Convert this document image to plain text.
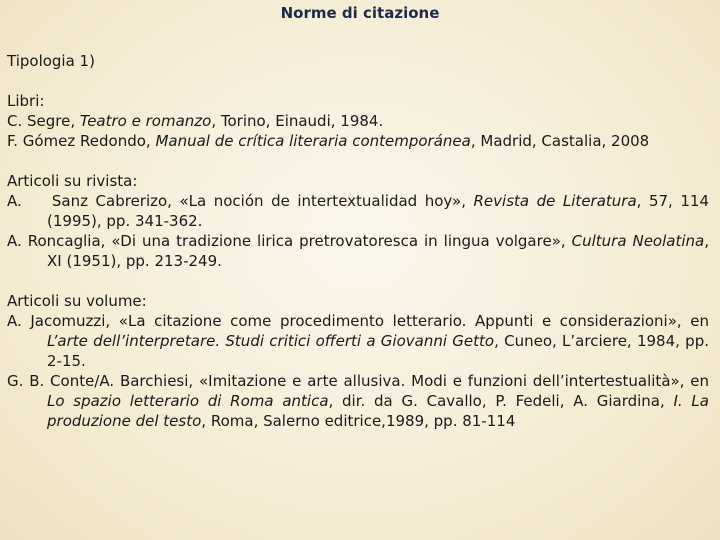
Norme di citazione

Tipologia 1)

Libri:

C. Segre, Teatro e romanzo, Torino, Einaudi, 1984.

F. Gómez Redondo, Manual de crítica literaria contemporánea, Madrid, Castalia, 2008

Articoli su rivista:

A.    Sanz Cabrerizo, «La noción de intertextualidad hoy», Revista de Literatura, 57, 114 (1995), pp. 341-362.

A. Roncaglia, «Di una tradizione lirica pretrovatoresca in lingua volgare», Cultura Neolatina, XI (1951), pp. 213-249.

Articoli su volume:

A. Jacomuzzi, «La citazione come procedimento letterario. Appunti e considerazioni», en L’arte dell’interpretare. Studi critici offerti a Giovanni Getto, Cuneo, L’arciere, 1984, pp. 2-15.

G. B. Conte/A. Barchiesi, «Imitazione e arte allusiva. Modi e funzioni dell’intertestualità», en Lo spazio letterario di Roma antica, dir. da G. Cavallo, P. Fedeli, A. Giardina, I. La produzione del testo, Roma, Salerno editrice,1989, pp. 81-114
